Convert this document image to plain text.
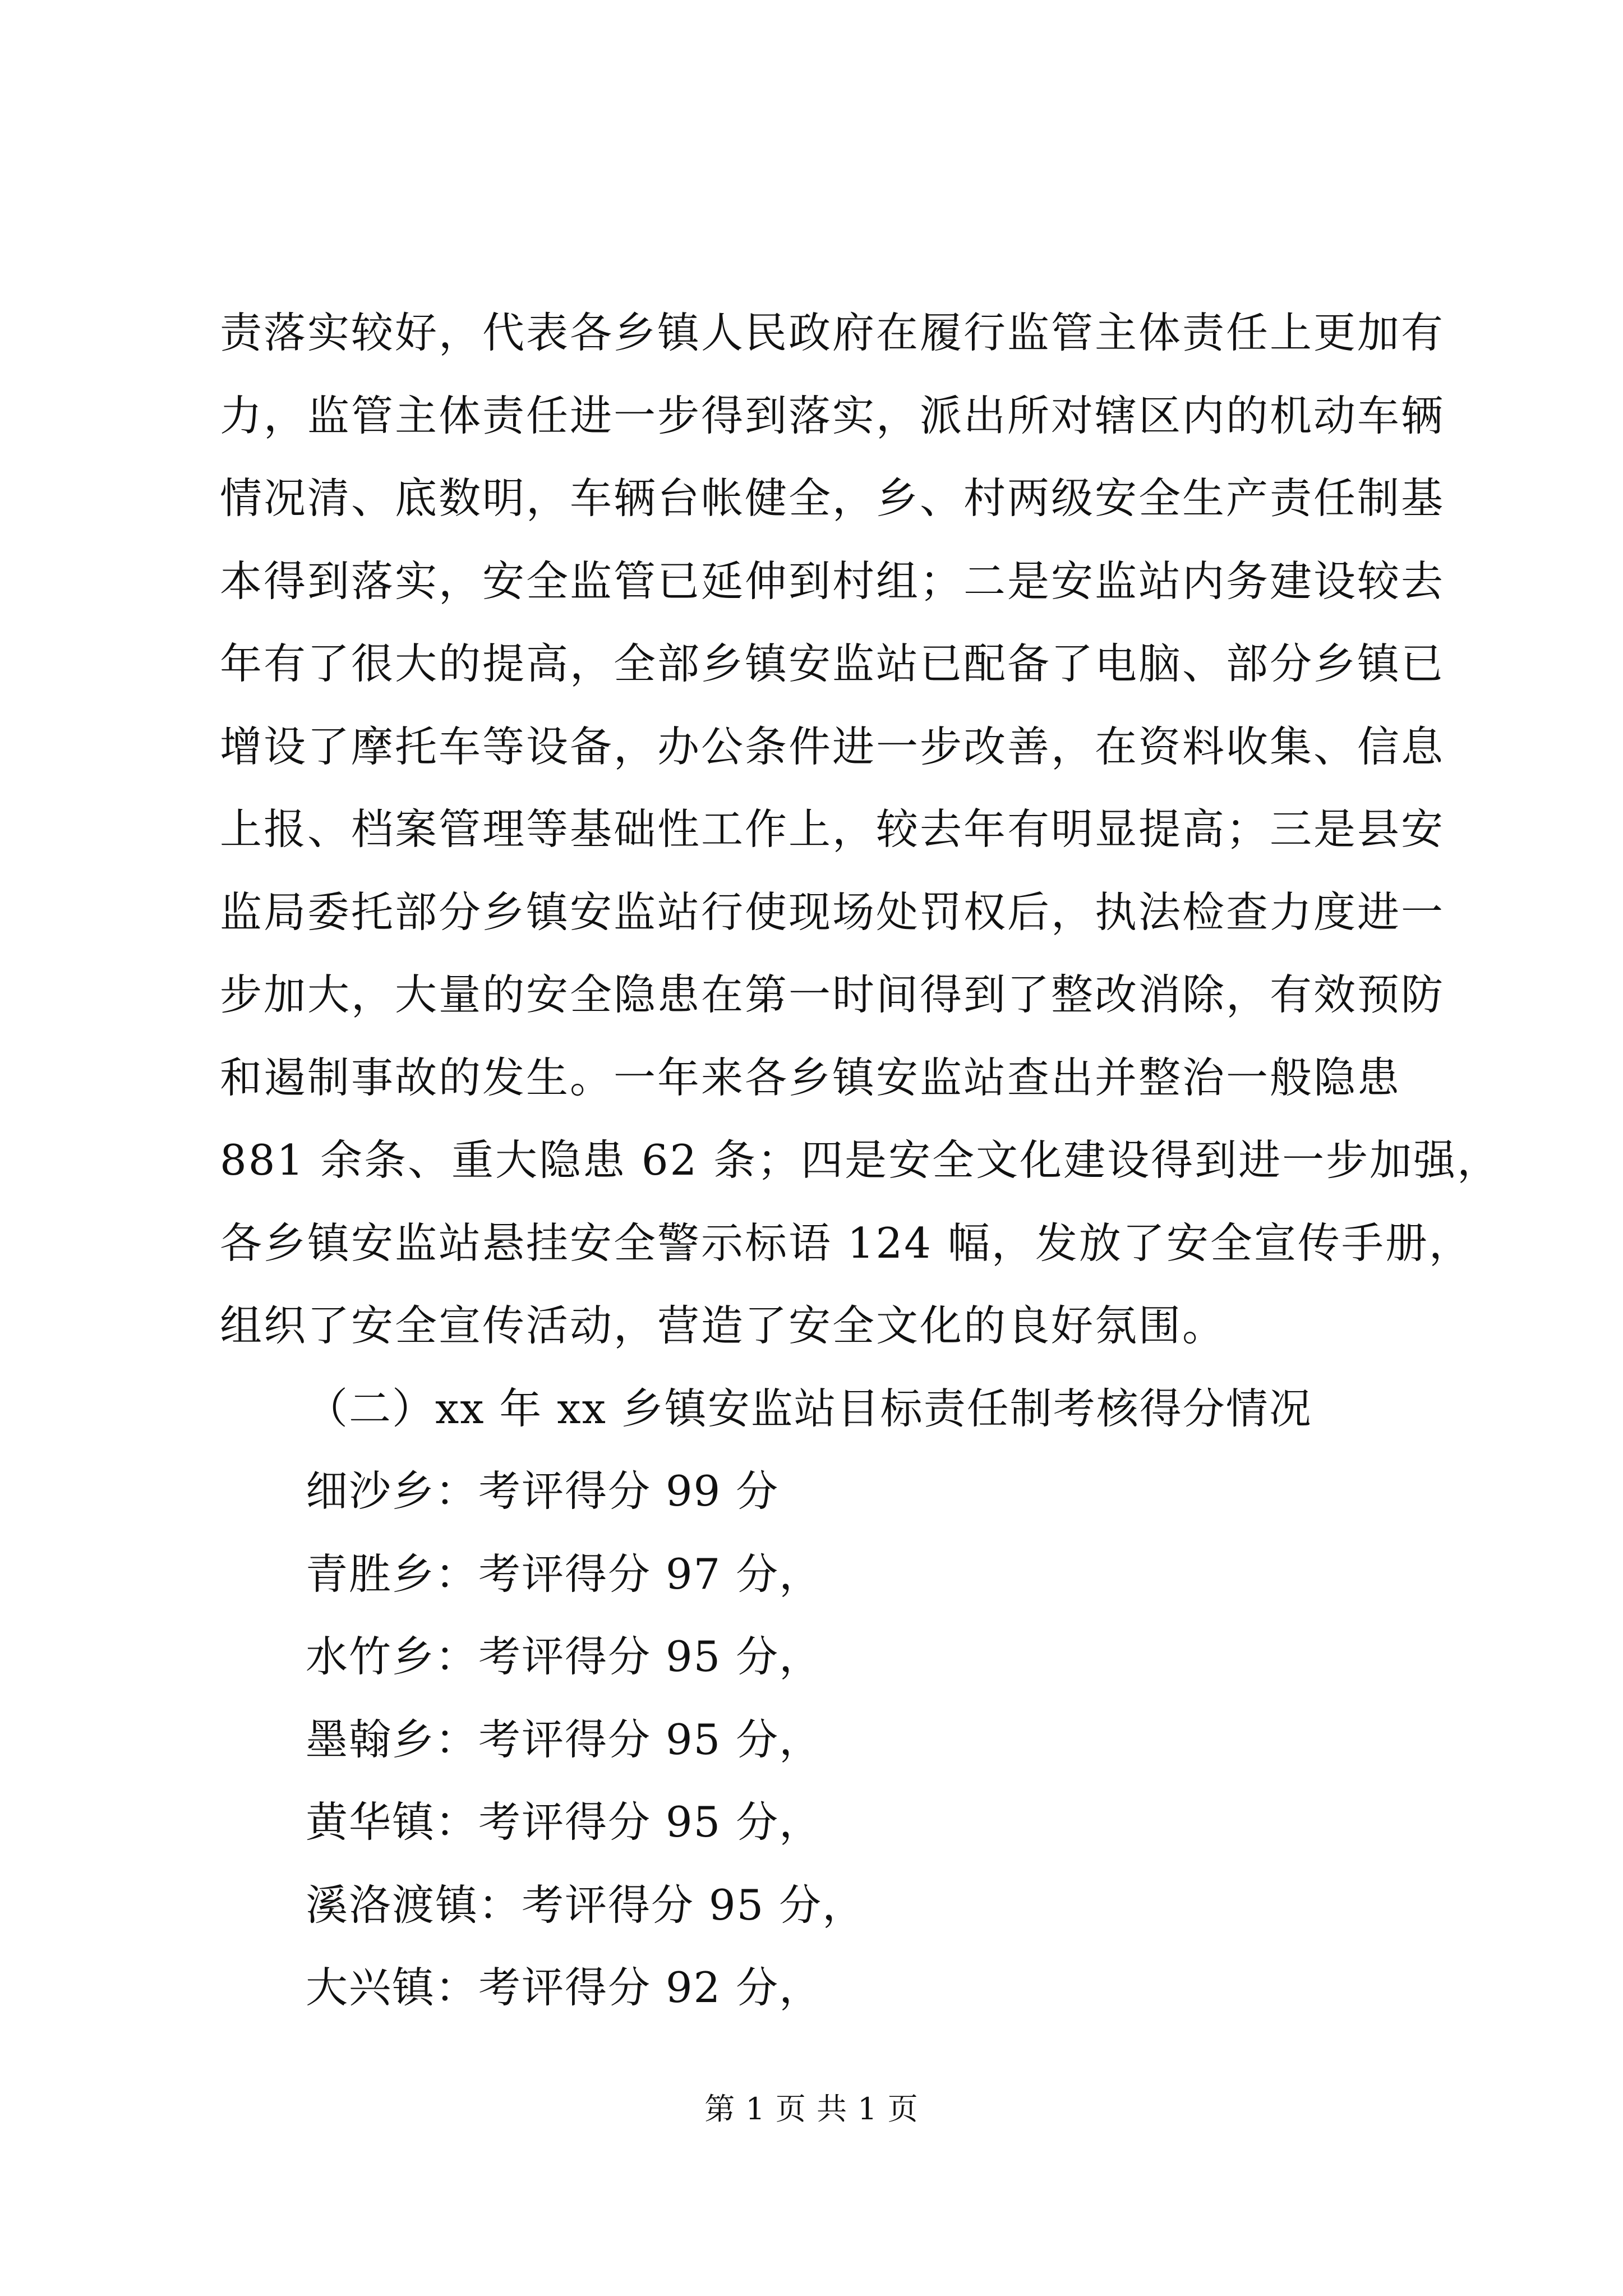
责落实较好，代表各乡镇人民政府在履行监管主体责任上更加有
力，监管主体责任进一步得到落实，派出所对辖区内的机动车辆
情况清、底数明，车辆台帐健全，乡、村两级安全生产责任制基
本得到落实，安全监管已延伸到村组；二是安监站内务建设较去
年有了很大的提高，全部乡镇安监站已配备了电脑、部分乡镇已
增设了摩托车等设备，办公条件进一步改善，在资料收集、信息
上报、档案管理等基础性工作上，较去年有明显提高；三是县安
监局委托部分乡镇安监站行使现场处罚权后，执法检查力度进一
步加大，大量的安全隐患在第一时间得到了整改消除，有效预防
和遏制事故的发生。一年来各乡镇安监站查出并整治一般隐患
881 余条、重大隐患 62 条；四是安全文化建设得到进一步加强，
各乡镇安监站悬挂安全警示标语 124 幅，发放了安全宣传手册，
组织了安全宣传活动，营造了安全文化的良好氛围。
（二）xx 年 xx 乡镇安监站目标责任制考核得分情况
细沙乡：考评得分 99 分
青胜乡：考评得分 97 分，
水竹乡：考评得分 95 分，
墨翰乡：考评得分 95 分，
黄华镇：考评得分 95 分，
溪洛渡镇：考评得分 95 分，
大兴镇：考评得分 92 分，
第 1 页 共 1 页
